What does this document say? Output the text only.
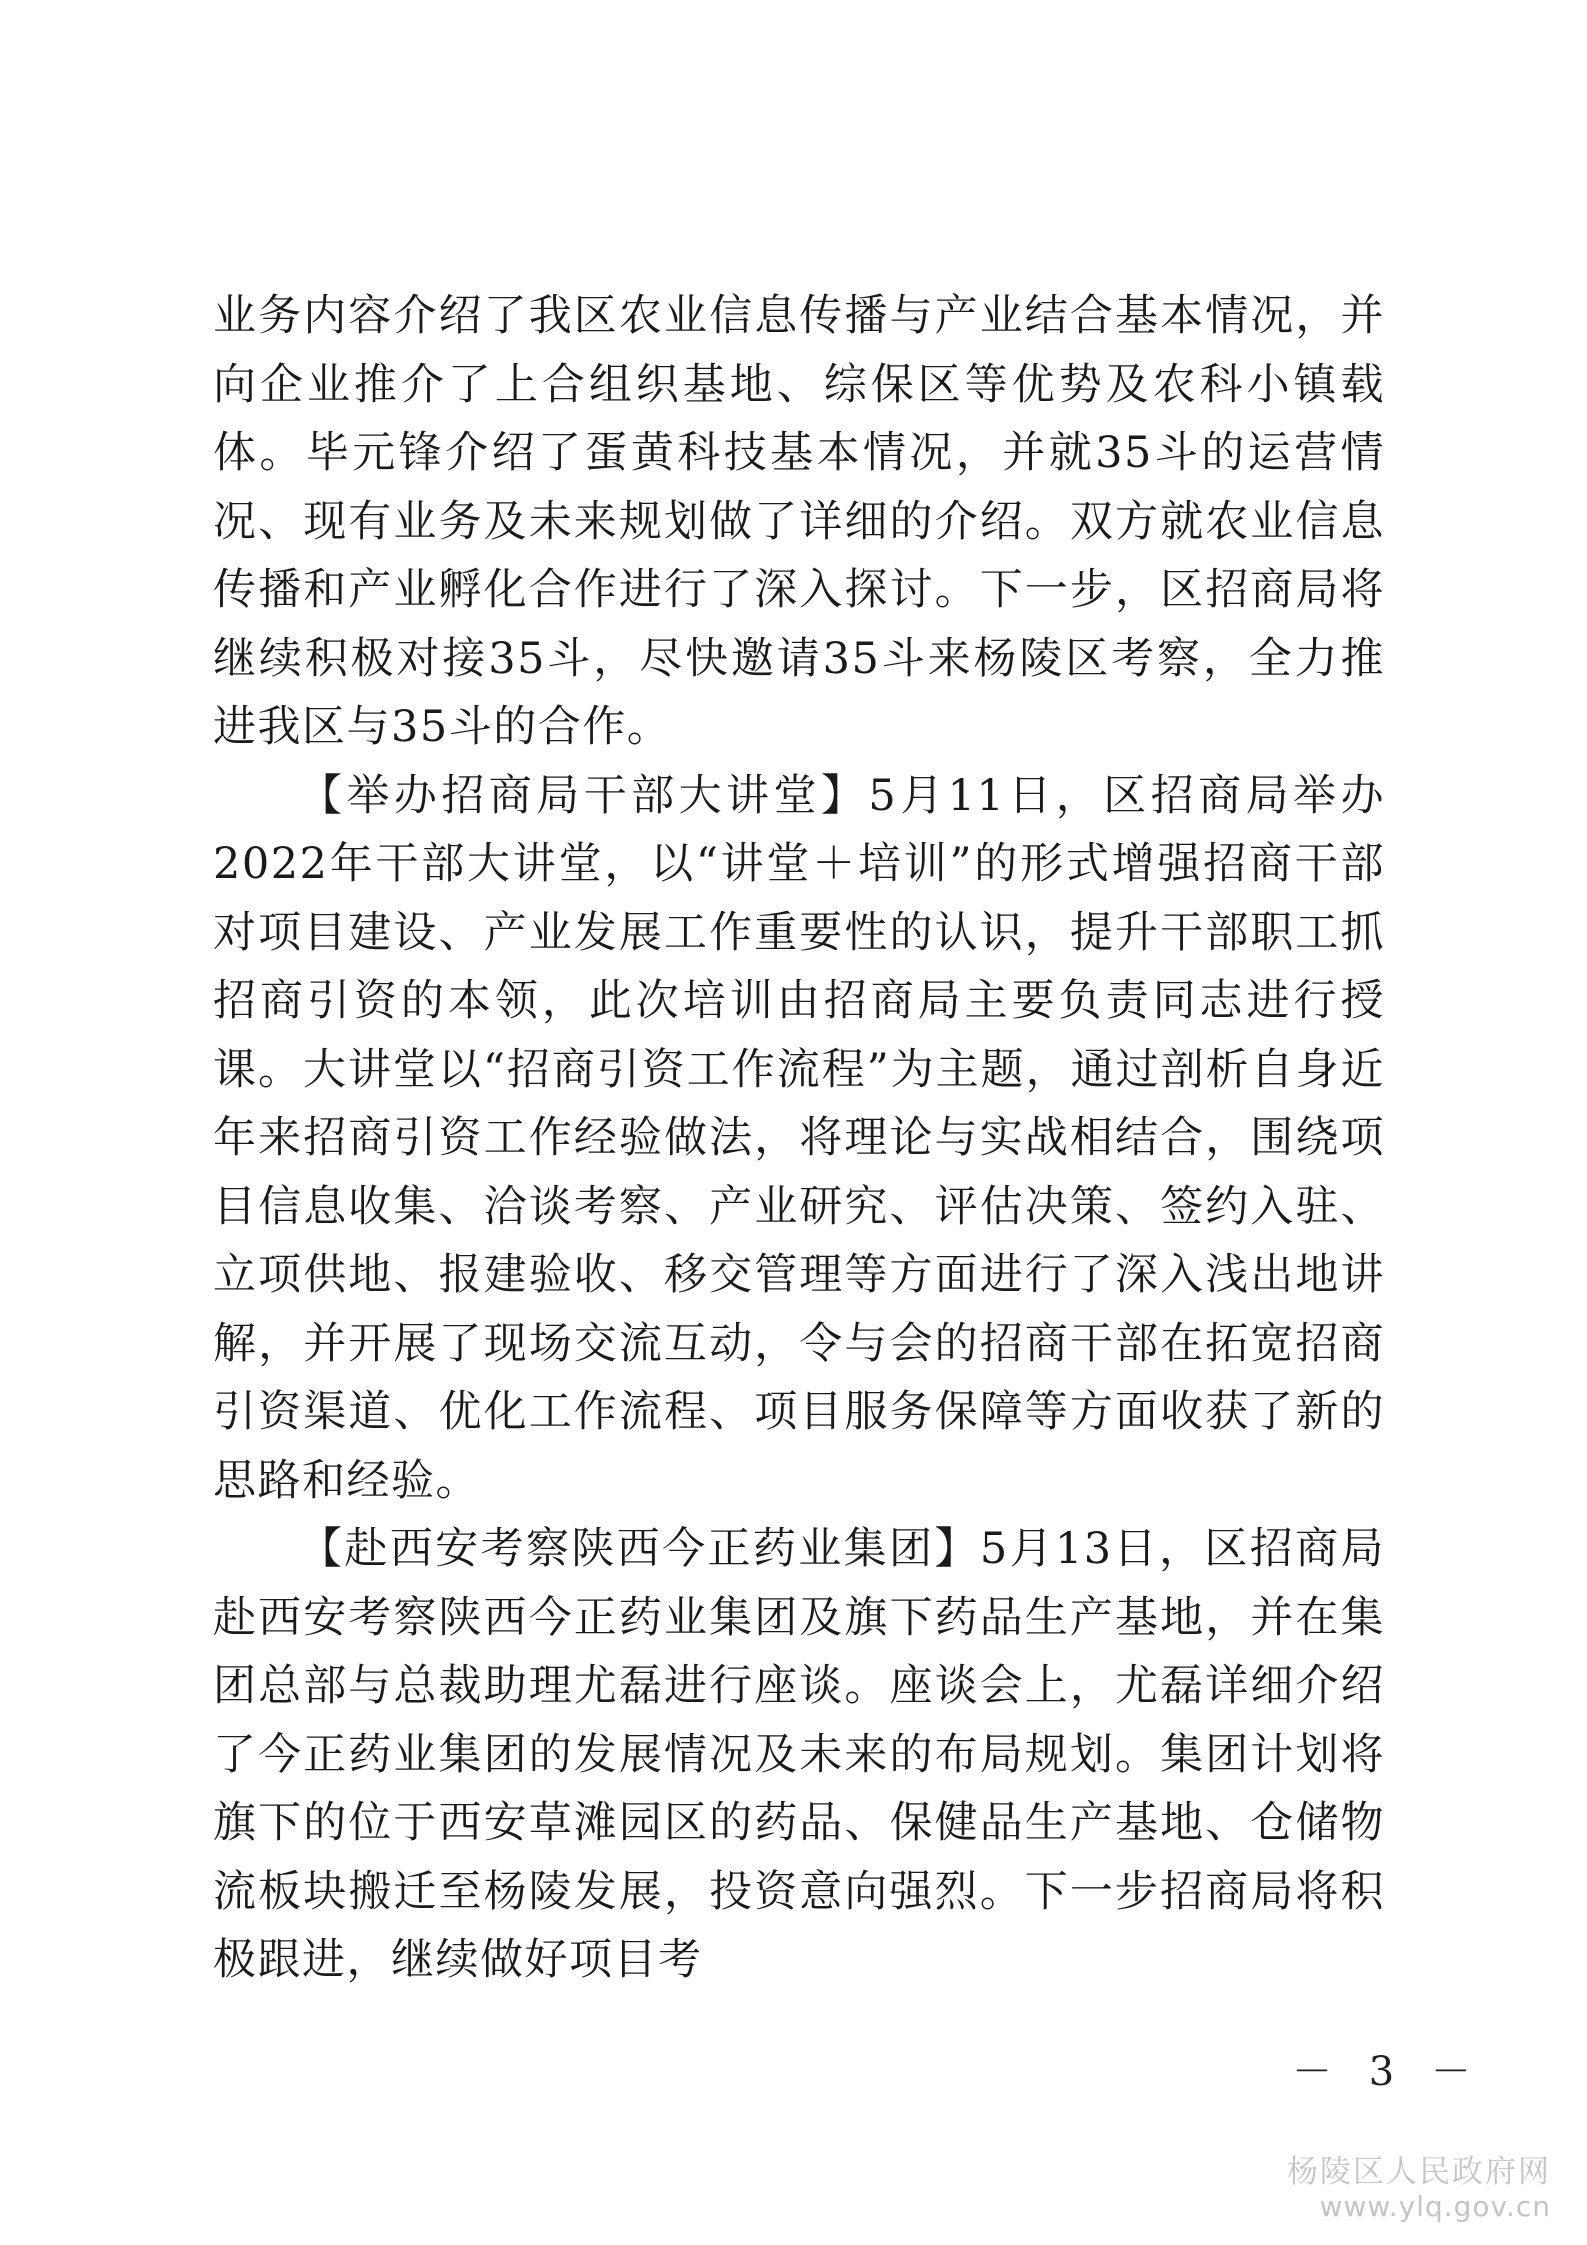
业务内容介绍了我区农业信息传播与产业结合基本情况，并向企业推介了上合组织基地、综保区等优势及农科小镇载体。毕元锋介绍了蛋黄科技基本情况，并就35斗的运营情况、现有业务及未来规划做了详细的介绍。双方就农业信息传播和产业孵化合作进行了深入探讨。下一步，区招商局将继续积极对接35斗，尽快邀请35斗来杨陵区考察，全力推进我区与35斗的合作。

【举办招商局干部大讲堂】5月11日，区招商局举办2022年干部大讲堂，以“讲堂＋培训”的形式增强招商干部对项目建设、产业发展工作重要性的认识，提升干部职工抓招商引资的本领，此次培训由招商局主要负责同志进行授课。大讲堂以“招商引资工作流程”为主题，通过剖析自身近年来招商引资工作经验做法，将理论与实战相结合，围绕项目信息收集、洽谈考察、产业研究、评估决策、签约入驻、立项供地、报建验收、移交管理等方面进行了深入浅出地讲解，并开展了现场交流互动，令与会的招商干部在拓宽招商引资渠道、优化工作流程、项目服务保障等方面收获了新的思路和经验。

【赴西安考察陕西今正药业集团】5月13日，区招商局赴西安考察陕西今正药业集团及旗下药品生产基地，并在集团总部与总裁助理尤磊进行座谈。座谈会上，尤磊详细介绍了今正药业集团的发展情况及未来的布局规划。集团计划将旗下的位于西安草滩园区的药品、保健品生产基地、仓储物流板块搬迁至杨陵发展，投资意向强烈。下一步招商局将积极跟进，继续做好项目考

－ 3 －
杨陵区人民政府网
www.ylq.gov.cn
